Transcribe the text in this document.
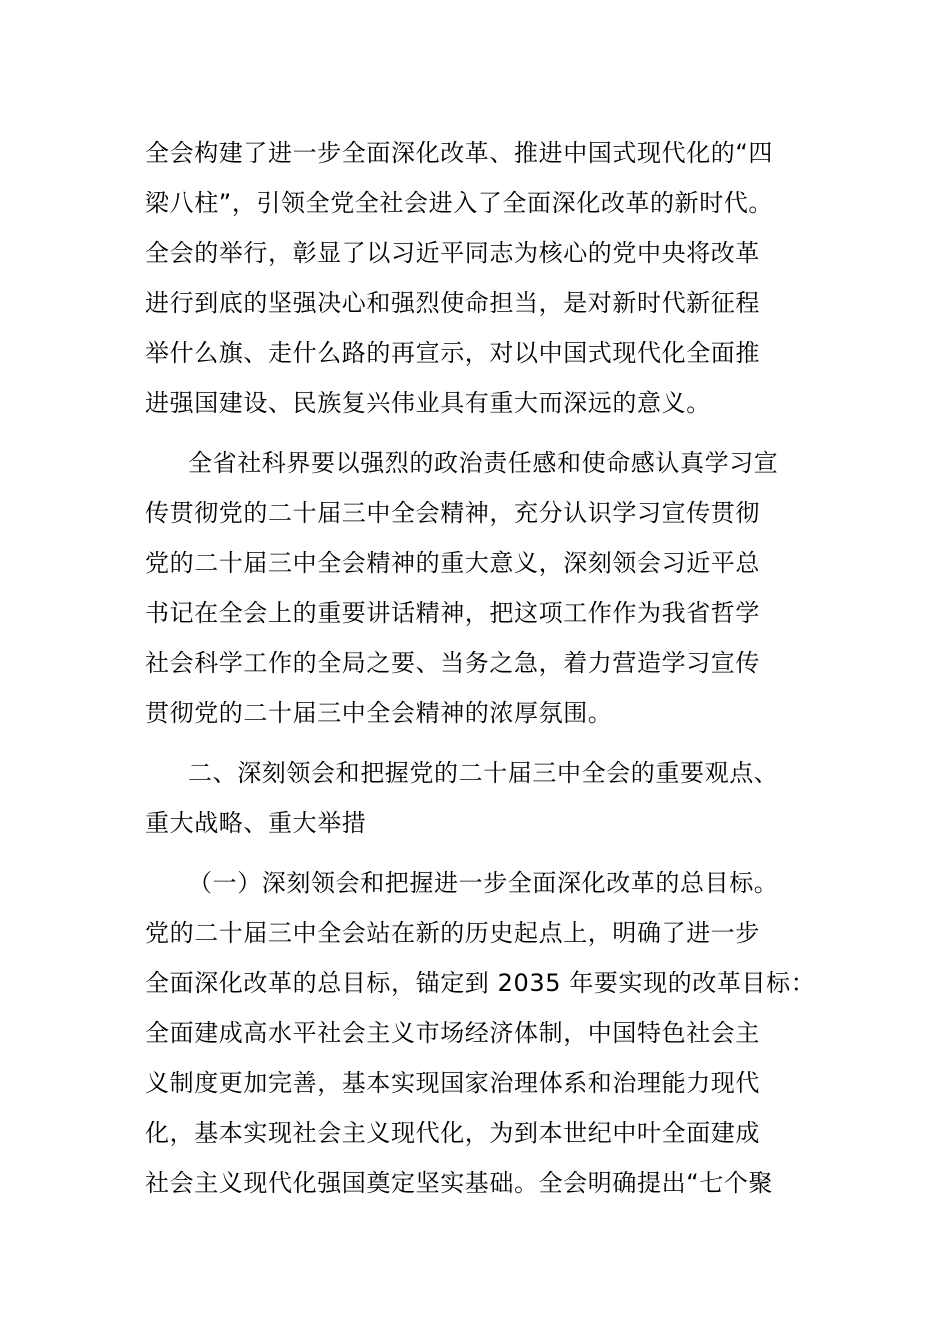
全会构建了进一步全面深化改革、推进中国式现代化的“四
梁八柱”，引领全党全社会进入了全面深化改革的新时代。
全会的举行，彰显了以习近平同志为核心的党中央将改革
进行到底的坚强决心和强烈使命担当，是对新时代新征程
举什么旗、走什么路的再宣示，对以中国式现代化全面推
进强国建设、民族复兴伟业具有重大而深远的意义。
全省社科界要以强烈的政治责任感和使命感认真学习宣
传贯彻党的二十届三中全会精神，充分认识学习宣传贯彻
党的二十届三中全会精神的重大意义，深刻领会习近平总
书记在全会上的重要讲话精神，把这项工作作为我省哲学
社会科学工作的全局之要、当务之急，着力营造学习宣传
贯彻党的二十届三中全会精神的浓厚氛围。
二、深刻领会和把握党的二十届三中全会的重要观点、
重大战略、重大举措
（一）深刻领会和把握进一步全面深化改革的总目标。
党的二十届三中全会站在新的历史起点上，明确了进一步
全面深化改革的总目标，锚定到 2035 年要实现的改革目标：
全面建成高水平社会主义市场经济体制，中国特色社会主
义制度更加完善，基本实现国家治理体系和治理能力现代
化，基本实现社会主义现代化，为到本世纪中叶全面建成
社会主义现代化强国奠定坚实基础。全会明确提出“七个聚
